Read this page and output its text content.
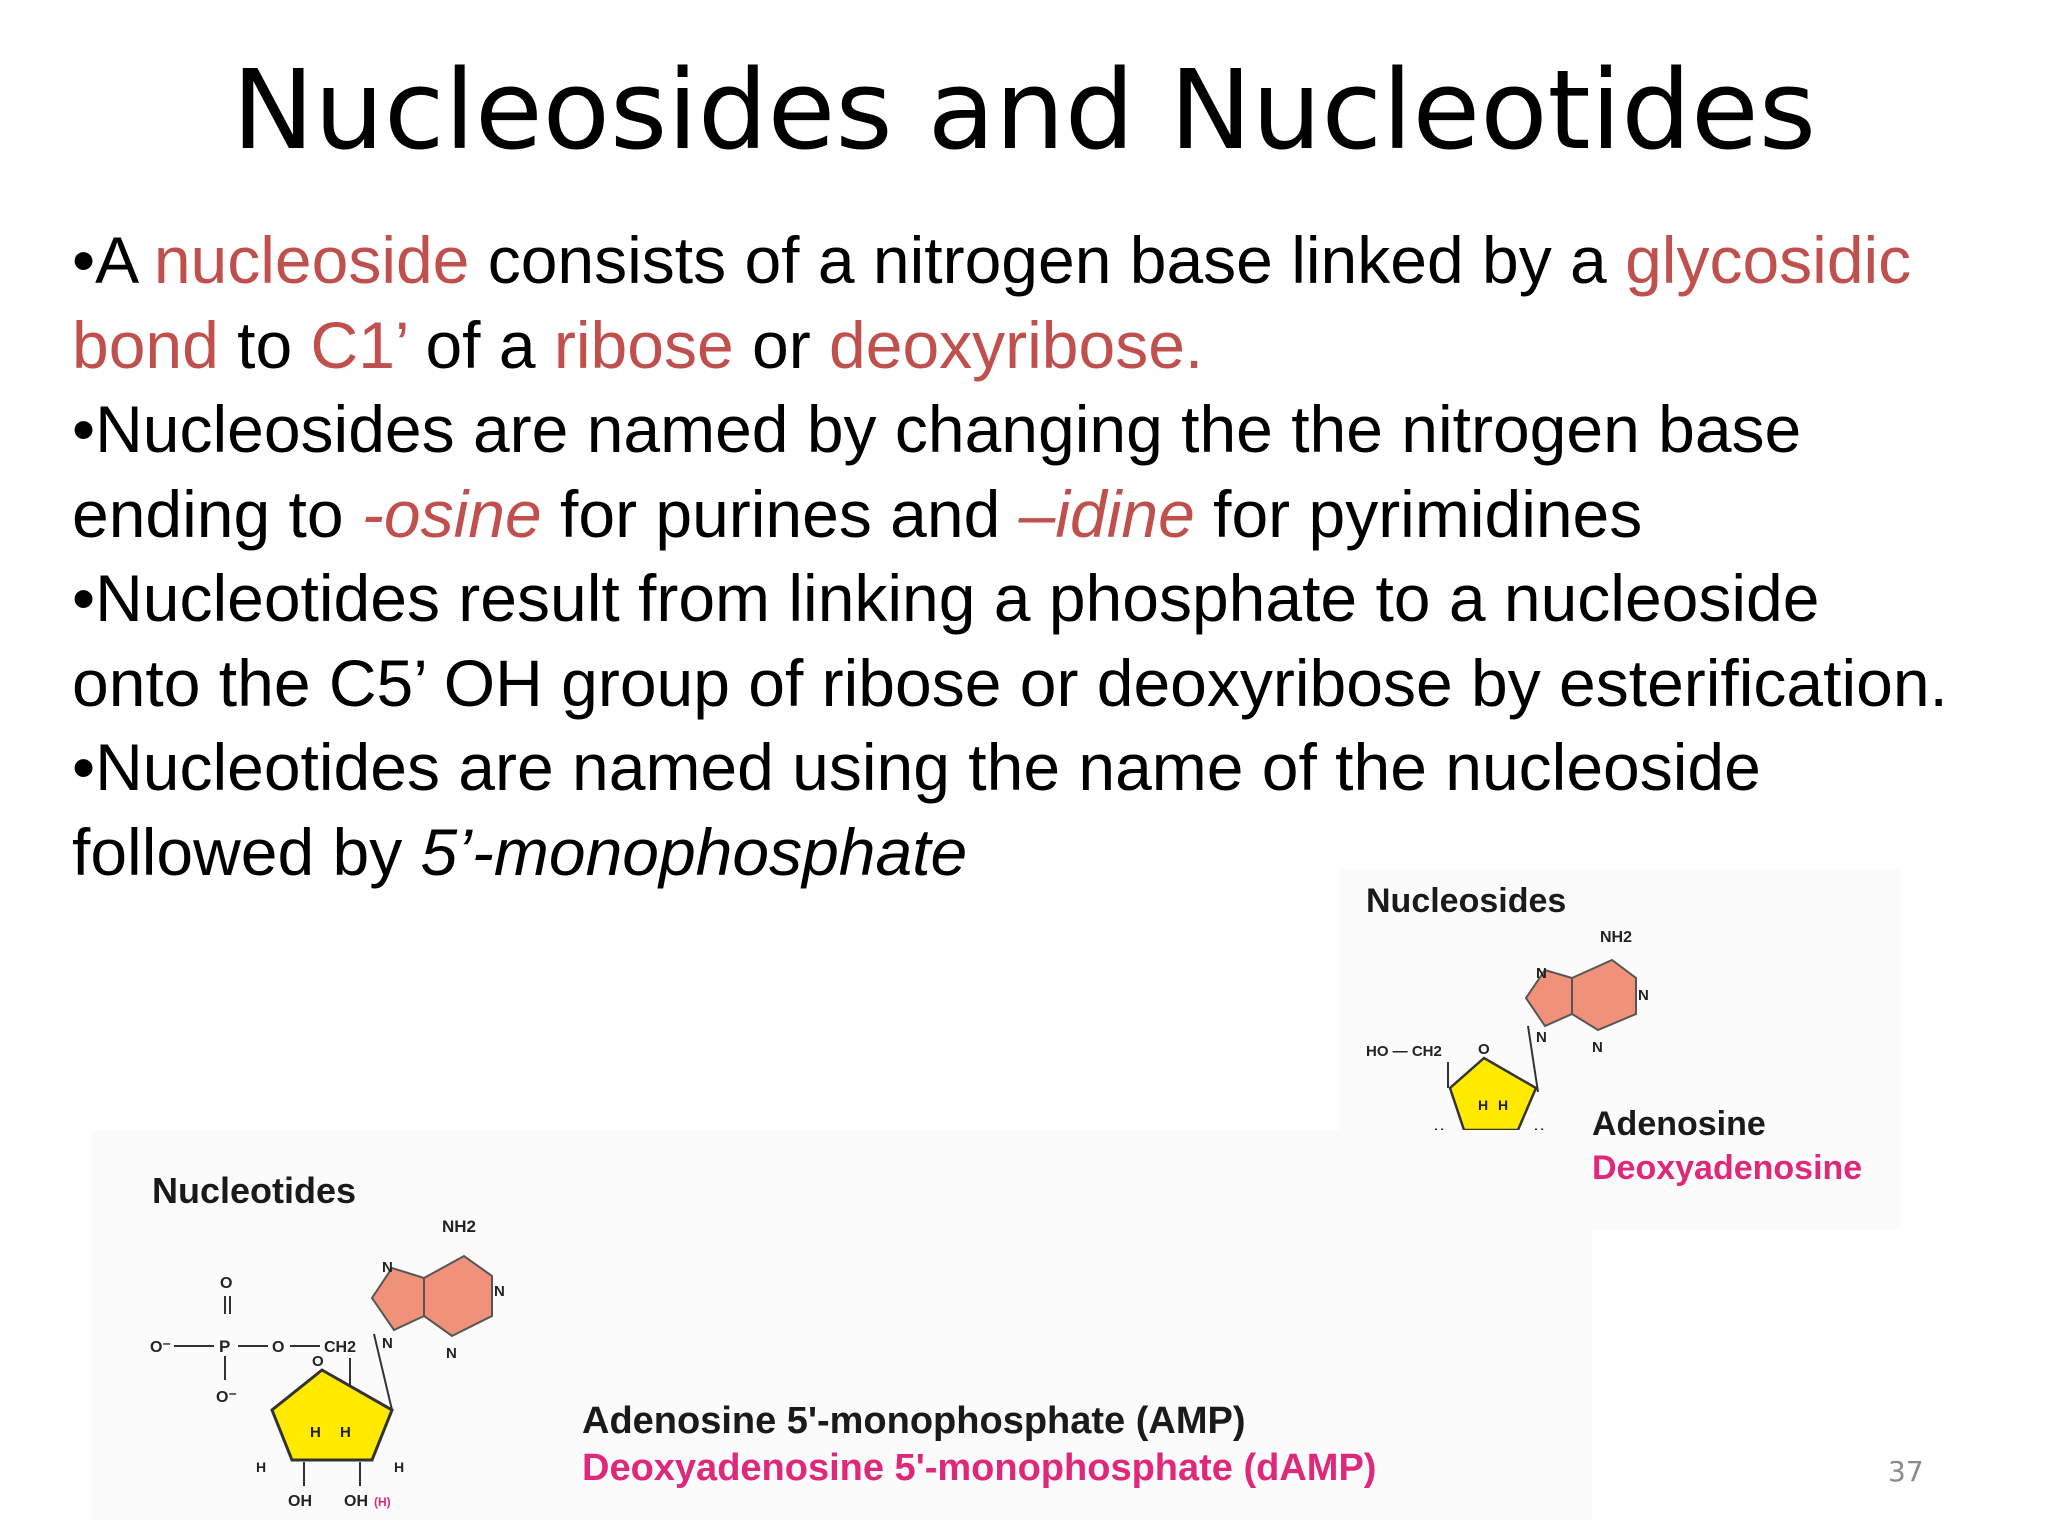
Nucleosides and Nucleotides
•A nucleoside consists of a nitrogen base linked by a glycosidic
bond to C1’ of a ribose or deoxyribose.
•Nucleosides are named by changing the the nitrogen base
ending to -osine for purines and –idine for pyrimidines
•Nucleotides result from linking a phosphate to a nucleoside
onto the C5’ OH group of ribose or deoxyribose by esterification.
•Nucleotides are named using the name of the nucleoside
followed by 5’-monophosphate
Nucleosides
NH2
N
N
N
N
O
HO — CH2
H H Adenosine
Deoxyadenosine
Nucleotides
O
O⁻	P	O CH2
O⁻
O
H H
H	H
OH OH (H)
NH2
N
N
N
N
Adenosine 5'-monophosphate (AMP)
Deoxyadenosine 5'-monophosphate (dAMP)	37
